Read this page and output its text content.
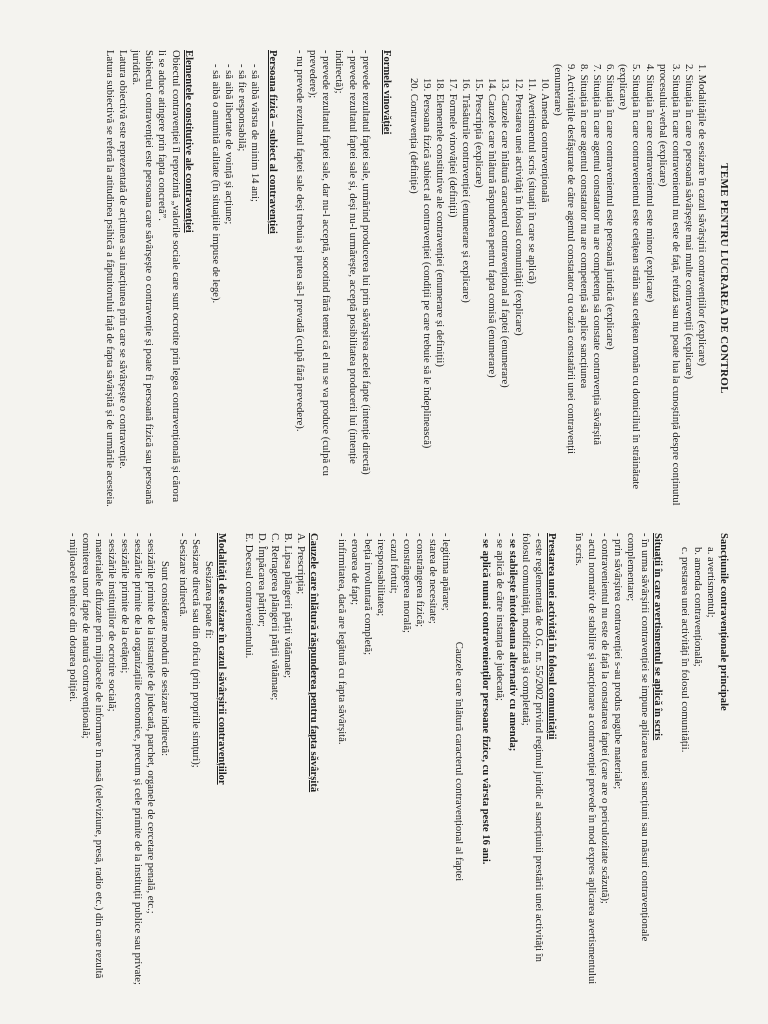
TEME PENTRU LUCRAREA DE CONTROL

1. Modalitățile de sesizare în cazul săvârșirii contravențiilor (explicare)

2. Situația în care o persoană săvârșește mai multe contravenții (explicare)

3. Situația în care contravenientul nu este de față, refuză sau nu poate lua la cunoștință despre conținutul procesului-verbal (explicare)

4. Situația în care contravenientul este minor (explicare)

5. Situația în care contravenientul este cetățean străin sau cetățean român cu domiciliul în străinătate (explicare)

6. Situația în care contravenientul este persoană juridică (explicare)

7. Situația în care agentul constatator nu are competența să constate contravenția săvârșită

8. Situația în care agentul constatator nu are competență să aplice sancțiunea

9. Activitățile desfășurate de către agentul constatator cu ocazia constatării unei contravenții (enumerare)

10. Amenda contravențională

11. Avertismentul scris (situații în care se aplică)

12. Prestarea unei activități în folosul comunității (explicare)

13. Cauzele care înlătură caracterul contravențional al faptei (enumerare)

14. Cauzele care înlătură răspunderea pentru fapta comisă (enumerare)

15. Prescripția (explicare)

16. Trăsăturile contravenției (enumerare și explicare)

17. Formele vinovăției (definiții)

18. Elementele constitutive ale contravenției (enumerare și definiții)

19. Persoana fizică subiect al contravenției (condiții pe care trebuie să le îndeplinească)

20. Contravenția (definiție)

Formele vinovăției

- prevede rezultatul faptei sale, urmărind producerea lui prin săvârșirea acelei fapte (intenție directă)

- prevede rezultatul faptei sale și, deși nu-l urmărește, acceptă posibilitatea producerii lui (intenție indirectă);

- prevede rezultatul faptei sale, dar nu-l acceptă, socotind fără temei că el nu se va produce (culpă cu prevedere);

- nu prevede rezultatul faptei sale deși trebuia și putea să-l prevadă (culpă fără prevedere).

Persoana fizică – subiect al contravenției

- să aibă vârsta de minim 14 ani;

- să fie responsabilă;

- să aibă libertate de voință și acțiune;

- să aibă o anumită calitate (în situațiile impuse de lege).

Elementele constitutive ale contravenției

Obiectul contravenției îl reprezintă „valorile sociale care sunt ocrotite prin legea contravențională și cărora li se aduce atingere prin fapta concretă”.

Subiectul contravenției este persoana care săvârșește o contravenție și poate fi persoană fizică sau persoană juridică.

Latura obiectivă este reprezentată de acțiunea sau inacțiunea prin care se săvârșește o contravenție.

Latura subiectivă se referă la atitudinea psihică a făptuitorului față de fapta săvârșită și de urmările acesteia.

Sancțiunile contravenționale principale

a. avertismentul;

b. amenda contravențională;

c. prestarea unei activități în folosul comunității.

Situații în care avertismentul se aplică în scris

- în urma săvârșirii contravenției se impune aplicarea unei sancțiuni sau măsuri contravenționale complementare;

- prin săvârșirea contravenției s-au produs pagube materiale;

- contravenientul nu este de față la constatarea faptei (care are o periculozitate scăzută);

- actul normativ de stabilire și sancționare a contravenției prevede în mod expres aplicarea avertismentului în scris.

Prestarea unei activități în folosul comunității

- este reglementată de O.G. nr. 55/2002 privind regimul juridic al sancțiunii prestării unei activități în folosul comunității, modificată și completată;

- se stabilește întotdeauna alternativ cu amenda;

- se aplică de către instanța de judecată;

- se aplică numai contravenienților persoane fizice, cu vârsta peste 16 ani.

Cauzele care înlătură caracterul contravențional al faptei

- legitima apărare;

- starea de necesitate;

- constrângerea fizică;

- constrângerea morală;

- cazul fortuit;

- iresponsabilitatea;

- beția involuntară completă;

- eroarea de fapt;

- infirmitatea, dacă are legătură cu fapta săvârșită.

Cauzele care înlătură răspunderea pentru fapta săvârșită

A. Prescripția;

B. Lipsa plângerii părții vătămate;

C. Retragerea plângerii părții vătămate;

D. Împăcarea părților;

E. Decesul contravenientului.

Modalități de sesizare în cazul săvârșirii contravențiilor

Sesizarea poate fi:

- Sesizare directă sau din oficiu (prin propriile simțuri);

- Sesizare indirectă.

Sunt considerate moduri de sesizare indirectă:

- sesizările primite de la instanțele de judecată, parchet, organele de cercetare penală, etc.;

- sesizările primite de la organizațiile economice, precum și cele primite de la instituții publice sau private;

- sesizările primite de la cetățeni;

- sesizările instituțiilor de ocrotire socială;

- materialele difuzate prin mijloacele de informare în masă (televiziune, presă, radio etc.) din care rezultă comiterea unor fapte de natură contravențională;

- mijloacele tehnice din dotarea poliției.
